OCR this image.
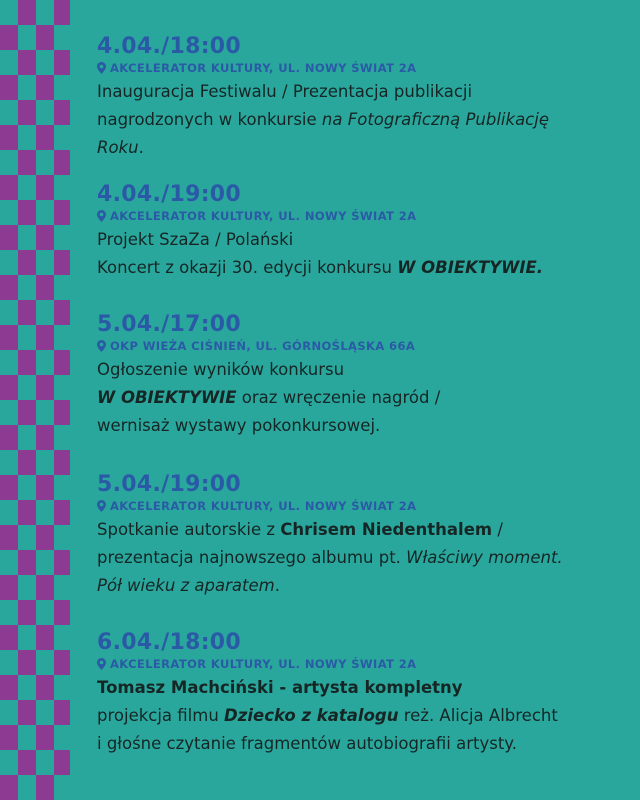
4.04./18:00
AKCELERATOR KULTURY, UL. NOWY ŚWIAT 2A
Inauguracja Festiwalu / Prezentacja publikacji
nagrodzonych w konkursie na Fotograficzną Publikację
Roku.
4.04./19:00
AKCELERATOR KULTURY, UL. NOWY ŚWIAT 2A
Projekt SzaZa / Polański
Koncert z okazji 30. edycji konkursu W OBIEKTYWIE.
5.04./17:00
OKP WIEŻA CIŚNIEŃ, UL. GÓRNOŚLĄSKA 66A
Ogłoszenie wyników konkursu
W OBIEKTYWIE oraz wręczenie nagród /
wernisaż wystawy pokonkursowej.
5.04./19:00
AKCELERATOR KULTURY, UL. NOWY ŚWIAT 2A
Spotkanie autorskie z Chrisem Niedenthalem /
prezentacja najnowszego albumu pt. Właściwy moment.
Pół wieku z aparatem.
6.04./18:00
AKCELERATOR KULTURY, UL. NOWY ŚWIAT 2A
Tomasz Machciński - artysta kompletny
projekcja filmu Dziecko z katalogu reż. Alicja Albrecht
i głośne czytanie fragmentów autobiografii artysty.
